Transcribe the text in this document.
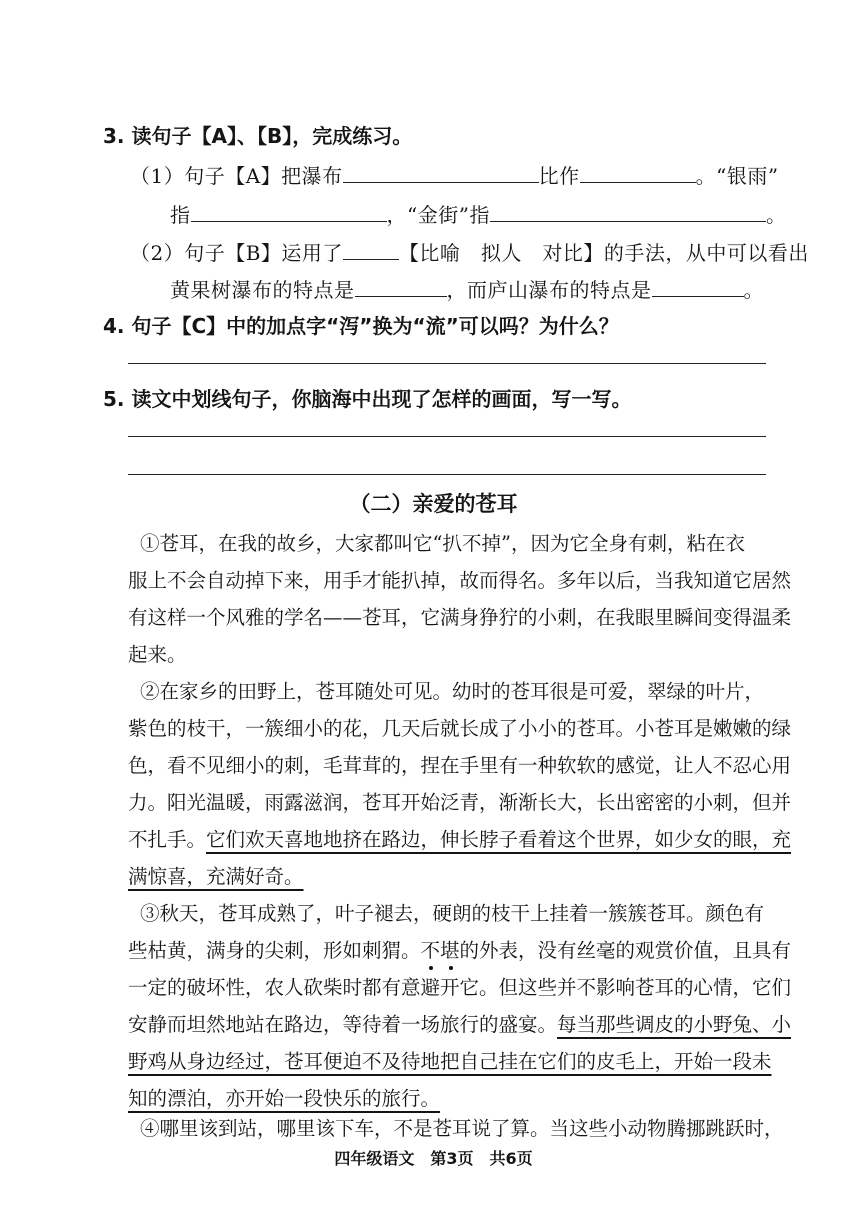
3. 读句子【A】、【B】，完成练习。
（1）句子【A】把瀑布	比作	。“银雨”
指	，“金街”指	。
（2）句子【B】运用了	【比喻　拟人　对比】的手法，从中可以看出
黄果树瀑布的特点是	，而庐山瀑布的特点是	。
4. 句子【C】中的加点字“泻”换为“流”可以吗？为什么？
5. 读文中划线句子，你脑海中出现了怎样的画面，写一写。
（二）亲爱的苍耳
①苍耳，在我的故乡，大家都叫它“扒不掉”，因为它全身有刺，粘在衣
服上不会自动掉下来，用手才能扒掉，故而得名。多年以后，当我知道它居然
有这样一个风雅的学名——苍耳，它满身狰狞的小刺，在我眼里瞬间变得温柔
起来。
②在家乡的田野上，苍耳随处可见。幼时的苍耳很是可爱，翠绿的叶片，
紫色的枝干，一簇细小的花，几天后就长成了小小的苍耳。小苍耳是嫩嫩的绿
色，看不见细小的刺，毛茸茸的，捏在手里有一种软软的感觉，让人不忍心用
力。阳光温暖，雨露滋润，苍耳开始泛青，渐渐长大，长出密密的小刺，但并
不扎手。它们欢天喜地地挤在路边，伸长脖子看着这个世界，如少女的眼，充
满惊喜，充满好奇。
③秋天，苍耳成熟了，叶子褪去，硬朗的枝干上挂着一簇簇苍耳。颜色有
些枯黄，满身的尖刺，形如刺猬。不堪的外表，没有丝毫的观赏价值，且具有
一定的破坏性，农人砍柴时都有意避开它。但这些并不影响苍耳的心情，它们
安静而坦然地站在路边，等待着一场旅行的盛宴。每当那些调皮的小野兔、小
野鸡从身边经过，苍耳便迫不及待地把自己挂在它们的皮毛上，开始一段未
知的漂泊，亦开始一段快乐的旅行。
④哪里该到站，哪里该下车，不是苍耳说了算。当这些小动物腾挪跳跃时，
四年级语文　第3页　共6页
